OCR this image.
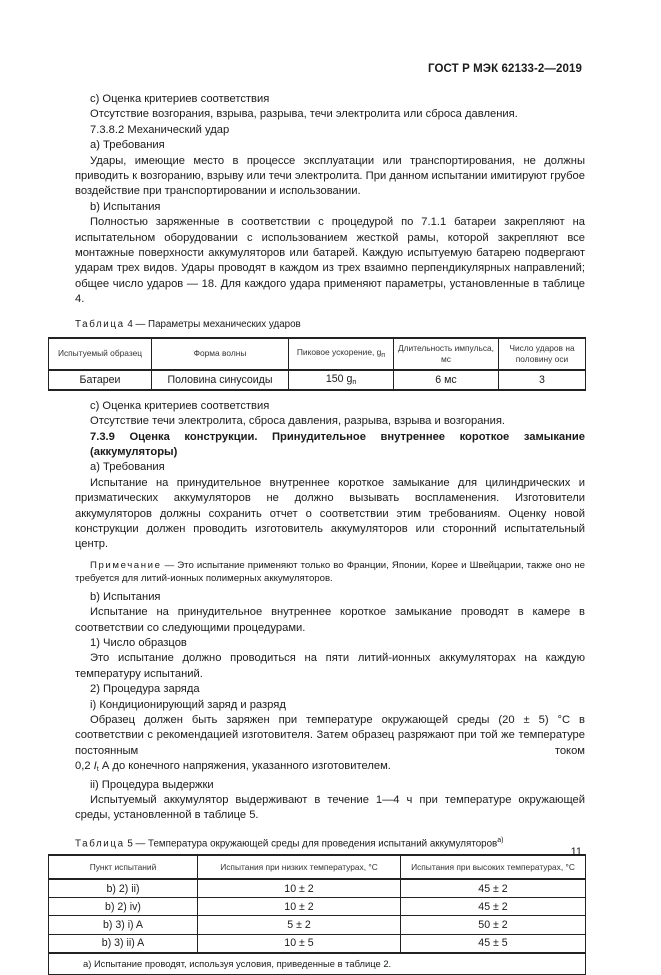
ГОСТ Р МЭК 62133-2—2019

c) Оценка критериев соответствия

Отсутствие возгорания, взрыва, разрыва, течи электролита или сброса давления.

7.3.8.2 Механический удар

a) Требования

Удары, имеющие место в процессе эксплуатации или транспортирования, не должны приводить к возгоранию, взрыву или течи электролита. При данном испытании имитируют грубое воздействие при транспортировании и использовании.

b) Испытания

Полностью заряженные в соответствии с процедурой по 7.1.1 батареи закрепляют на испытательном оборудовании с использованием жесткой рамы, которой закрепляют все монтажные поверхности аккумуляторов или батарей. Каждую испытуемую батарею подвергают ударам трех видов. Удары проводят в каждом из трех взаимно перпендикулярных направлений; общее число ударов — 18. Для каждого удара применяют параметры, установленные в таблице 4.

Таблица 4 — Параметры механических ударов

Испытуемый образец	Форма волны	Пиковое ускорение, $g_п$	Длительность импульса, мс	Число ударов на половину оси
Батареи	Половина синусоиды	150 $g_п$	6 мс	3

c) Оценка критериев соответствия

Отсутствие течи электролита, сброса давления, разрыва, взрыва и возгорания.

7.3.9 Оценка конструкции. Принудительное внутреннее короткое замыкание (аккумуляторы)

a) Требования

Испытание на принудительное внутреннее короткое замыкание для цилиндрических и призматических аккумуляторов не должно вызывать воспламенения. Изготовители аккумуляторов должны сохранить отчет о соответствии этим требованиям. Оценку новой конструкции должен проводить изготовитель аккумуляторов или сторонний испытательный центр.

Примечание — Это испытание применяют только во Франции, Японии, Корее и Швейцарии, также оно не требуется для литий-ионных полимерных аккумуляторов.

b) Испытания

Испытание на принудительное внутреннее короткое замыкание проводят в камере в соответствии со следующими процедурами.

1) Число образцов

Это испытание должно проводиться на пяти литий-ионных аккумуляторах на каждую температуру испытаний.

2) Процедура заряда

i) Кондиционирующий заряд и разряд

Образец должен быть заряжен при температуре окружающей среды (20 ± 5) °С в соответствии с рекомендацией изготовителя. Затем образец разряжают при той же температуре постоянным током

0,2 $I_t$ А до конечного напряжения, указанного изготовителем.

ii) Процедура выдержки

Испытуемый аккумулятор выдерживают в течение 1—4 ч при температуре окружающей среды, установленной в таблице 5.

Таблица 5 — Температура окружающей среды для проведения испытаний аккумуляторов$^{а)}$

Пункт испытаний	Испытания при низких температурах, °С	Испытания при высоких температурах, °С
b) 2) ii)	10 ± 2	45 ± 2
b) 2) iv)	10 ± 2	45 ± 2
b) 3) i) A	5 ± 2	50 ± 2
b) 3) ii) A	10 ± 5	45 ± 5
а) Испытание проводят, используя условия, приведенные в таблице 2.		
11
